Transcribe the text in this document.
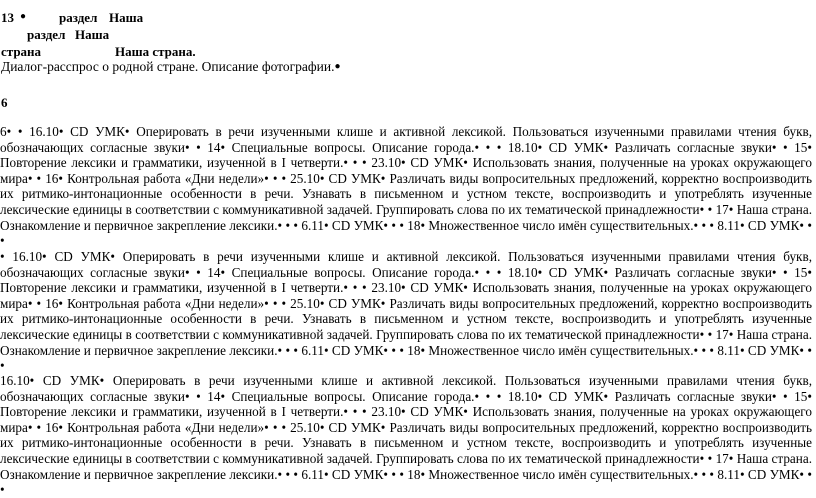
13 ●	раздел Наша
раздел Наша
страна	Наша страна.
Диалог-расспрос о родной стране. Описание фотографии.●
6
6• • 16.10• CD УМК• Оперировать в речи изученными клише и активной лексикой. Пользоваться изученными правилами чтения букв, обозначающих согласные звуки• • 14• Специальные вопросы. Описание города.• • • 18.10• CD УМК• Различать согласные звуки• • 15• Повторение лексики и грамматики, изученной в I четверти.• • • 23.10• CD УМК• Использовать знания, полученные на уроках окружающего мира• • 16• Контрольная работа «Дни недели»• • • 25.10• CD УМК• Различать виды вопросительных предложений, корректно воспроизводить их ритмико-интонационные особенности в речи. Узнавать в письменном и устном тексте, воспроизводить и употреблять изученные лексические единицы в соответствии с коммуникативной задачей. Группировать слова по их тематической принадлежности• • 17• Наша страна. Ознакомление и первичное закрепление лексики.• • • 6.11• CD УМК• • • 18• Множественное число имён существительных.• • • 8.11• CD УМК• • •
• 16.10• CD УМК• Оперировать в речи изученными клише и активной лексикой. Пользоваться изученными правилами чтения букв, обозначающих согласные звуки• • 14• Специальные вопросы. Описание города.• • • 18.10• CD УМК• Различать согласные звуки• • 15• Повторение лексики и грамматики, изученной в I четверти.• • • 23.10• CD УМК• Использовать знания, полученные на уроках окружающего мира• • 16• Контрольная работа «Дни недели»• • • 25.10• CD УМК• Различать виды вопросительных предложений, корректно воспроизводить их ритмико-интонационные особенности в речи. Узнавать в письменном и устном тексте, воспроизводить и употреблять изученные лексические единицы в соответствии с коммуникативной задачей. Группировать слова по их тематической принадлежности• • 17• Наша страна. Ознакомление и первичное закрепление лексики.• • • 6.11• CD УМК• • • 18• Множественное число имён существительных.• • • 8.11• CD УМК• • •
16.10• CD УМК• Оперировать в речи изученными клише и активной лексикой. Пользоваться изученными правилами чтения букв, обозначающих согласные звуки• • 14• Специальные вопросы. Описание города.• • • 18.10• CD УМК• Различать согласные звуки• • 15• Повторение лексики и грамматики, изученной в I четверти.• • • 23.10• CD УМК• Использовать знания, полученные на уроках окружающего мира• • 16• Контрольная работа «Дни недели»• • • 25.10• CD УМК• Различать виды вопросительных предложений, корректно воспроизводить их ритмико-интонационные особенности в речи. Узнавать в письменном и устном тексте, воспроизводить и употреблять изученные лексические единицы в соответствии с коммуникативной задачей. Группировать слова по их тематической принадлежности• • 17• Наша страна. Ознакомление и первичное закрепление лексики.• • • 6.11• CD УМК• • • 18• Множественное число имён существительных.• • • 8.11• CD УМК• • •
